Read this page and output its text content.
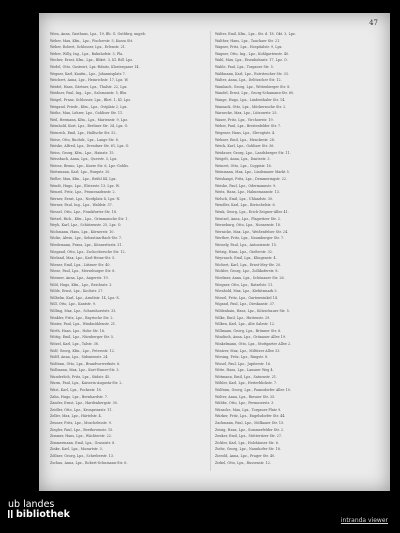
47

Wien, Anna, Gasthaus, Lpz., 19, Bb. G. Guthbrg. ungeb.

Weber, Max, Kfm., Lpz., Fischerstr. 5, Kurza Stt.

Weber, Robert, Schlosser, Lpz., Erlenstr. 21.

Weber, Willy, Ing., Lpz., Bahnhofstr. 3, Pla.

Wecker, Ernst, Kfm., Lpz., Bbkrt. 3, Kl. Rdl. Lpz.

Wedel, Otto, Gastwirt, Lpz.-Rdnitz, Klostergasse 14.

Wegner, Karl, Kaufm., Lpz., Johannisplatz 7.

Weichert, Anna, Lpz., Heinrichstr. 17, Lpz. W.

Weidel, Hans, Gärtner, Lpz., Thalstr. 22, Lpz.

Weidner, Paul, Ing., Lpz., Salomonstr. 5, Bbs.

Weigel, Franz, Schlosser, Lpz., Bbrt. 1, Kl. Lpz.

Weigand, Friedr., Kfm., Lpz., Ostplatz 2, Lpz.

Weihe, Max, Lehrer, Lpz., Gohliser Str. 11.

Weil, Hermann, Kfm., Lpz., Marienstr. 9, Lpz.

Weinhold, Kurt, Lpz., Berliner Str. 34, Lpz. O.

Weinrich, Emil, Lpz., Hallische Str. 52.

Weise, Otto, Buchdr., Lpz., Lange Str. 8.

Weiske, Alfred, Lpz., Dresdner Str. 61, Lpz. O.

Weiss, Georg, Kfm., Lpz., Hainstr. 15.

Weissbach, Anna, Lpz., Querstr. 3, Lpz.

Weisse, Bruno, Lpz., Kurze Str. 6, Lpz.-Gohlis.

Weitzmann, Karl, Lpz., Burgstr. 20.

Weller, Max, Kfm., Lpz., Brühl 44, Lpz.

Wendt, Hugo, Lpz., Elsterstr. 13, Lpz. W.

Wenzel, Fritz, Lpz., Promenadenstr. 2.

Werner, Ernst, Lpz., Nordplatz 4, Lpz.-N.

Werner, Paul, Ing., Lpz., Waldstr. 37.

Wessel, Otto, Lpz., Frankfurter Str. 18.

Wetzel, Rich., Kfm., Lpz., Grimmaische Str. 1.

Weyh, Karl, Lpz., Schützenstr. 25, Lpz. O.

Wichmann, Hans, Lpz., Körnerstr. 10.

Wicke, Alwin, Lpz., Sebastian-Bach-Str. 7.

Wiedemann, Franz, Lpz., Könneritzstr. 31.

Wiegand, Otto, Lpz., Zschochersche Str. 12.

Wieland, Max, Lpz., Karl-Heine-Str. 5.

Wiener, Emil, Lpz., Lützner Str. 40.

Wiese, Paul, Lpz., Merseburger Str. 8.

Wiesner, Anna, Lpz., Angerstr. 19.

Wild, Hugo, Kfm., Lpz., Reichsstr. 3.

Wilde, Ernst, Lpz., Kochstr. 27.

Wilhelm, Karl, Lpz., Arndtstr. 14, Lpz.-S.

Will, Otto, Lpz., Kantstr. 9.

Willing, Max, Lpz., Scharnhorststr. 33.

Winkler, Fritz, Lpz., Bayrische Str. 2.

Winter, Paul, Lpz., Windmühlenstr. 21.

Wirth, Hans, Lpz., Hohe Str. 16.

Wittig, Emil, Lpz., Nürnberger Str. 5.

Witzel, Karl, Lpz., Talstr. 38.

Wolf, Georg, Kfm., Lpz., Petersstr. 12.

Wolff, Anna, Lpz., Sidonienstr. 24.

Wolfram, Otto, Lpz., Brandvorwerkstr. 6.

Wollmann, Max, Lpz., Kurt-Eisner-Str. 3.

Wunderlich, Fritz, Lpz., Südstr. 45.

Wurm, Paul, Lpz., Kaiserin-Augusta-Str. 2.

Wüst, Karl, Lpz., Fockestr. 18.

Zahn, Hugo, Lpz., Bernhardstr. 7.

Zander, Ernst, Lpz., Hardenbergstr. 30.

Zeidler, Otto, Lpz., Kronprinzstr. 11.

Zeller, Max, Lpz., Härtelstr. 4.

Zeuner, Fritz, Lpz., Moschelesstr. 9.

Ziegler, Paul, Lpz., Beethovenstr. 15.

Zimmer, Hans, Lpz., Wächterstr. 22.

Zimmermann, Emil, Lpz., Grassistr. 8.

Zinke, Karl, Lpz., Mozartstr. 3.

Zöllner, Georg, Lpz., Schreberstr. 13.

Zschau, Anna, Lpz., Robert-Schumann-Str. 6.

Walter, Emil, Kfm., Lpz., Str. d. 18. Okt. 3, Lpz.

Walther, Hans, Lpz., Tauchaer Str. 21.

Wagner, Fritz, Lpz., Hospitalstr. 9, Lpz.

Wagner, Otto, Ing., Lpz., Kohlgartenstr. 40.

Wahl, Max, Lpz., Eisenbahnstr. 17, Lpz. O.

Wahle, Paul, Lpz., Torgauer Str. 5.

Waldmann, Karl, Lpz., Eutritzscher Str. 33.

Walter, Anna, Lpz., Delitzscher Str. 12.

Wambach, Georg, Lpz., Wittenberger Str. 8.

Wandel, Ernst, Lpz., Georg-Schumann-Str. 60.

Wange, Hugo, Lpz., Lindenthaler Str. 14.

Wannack, Otto, Lpz., Möckernsche Str. 2.

Warnecke, Max, Lpz., Lützowstr. 25.

Wauer, Fritz, Lpz., Virchowstr. 19.

Weber, Paul, Lpz., Breitenfelder Str. 7.

Wegener, Hans, Lpz., Slevogtstr. 4.

Wehner, Emil, Lpz., Menckestr. 28.

Weick, Karl, Lpz., Gohliser Str. 36.

Weidauer, Georg, Lpz., Landsberger Str. 11.

Weigelt, Anna, Lpz., Dantestr. 3.

Weinert, Otto, Lpz., Coppistr. 16.

Weinmann, Max, Lpz., Lindenauer Markt 5.

Weishaupt, Fritz, Lpz., Demmeringstr. 22.

Weiske, Paul, Lpz., Odermannstr. 9.

Weitz, Hans, Lpz., Hahnemannstr. 13.

Welsch, Emil, Lpz., Uhlandstr. 30.

Wendler, Karl, Lpz., Rietschelstr. 6.

Wenk, Georg, Lpz., Erich-Zeigner-Allee 41.

Wentzel, Anna, Lpz., Plagwitzer Str. 2.

Werneburg, Otto, Lpz., Nonnenstr. 18.

Wernicke, Max, Lpz., Weißenfelser Str. 24.

Werther, Fritz, Lpz., Naumburger Str. 7.

Wessely, Paul, Lpz., Antonienstr. 15.

Wetzig, Hans, Lpz., Gießerstr. 32.

Weyrauch, Emil, Lpz., Klingenstr. 4.

Wichert, Karl, Lpz., Ernst-Mey-Str. 20.

Wickler, Georg, Lpz., Zollikoferstr. 8.

Wiedmer, Anna, Lpz., Schönauer Str. 26.

Wiegner, Otto, Lpz., Ratzelstr. 11.

Wienhold, Max, Lpz., Kiebitzmark 3.

Wiesel, Fritz, Lpz., Gartenwinkel 14.

Wigand, Paul, Lpz., Dieskaustr. 37.

Wildenhain, Hans, Lpz., Kötzschauer Str. 5.

Wilke, Emil, Lpz., Huttenstr. 29.

Wilken, Karl, Lpz., Alte Salzstr. 12.

Willmann, Georg, Lpz., Brünner Str. 6.

Windisch, Anna, Lpz., Grünauer Allee 19.

Winkelmann, Otto, Lpz., Stuttgarter Allee 2.

Wintzer, Max, Lpz., Miltitzer Allee 33.

Wirsing, Fritz, Lpz., Ringstr. 8.

Wissel, Paul, Lpz., Jupiterstr. 16.

Witte, Hans, Lpz., Lausner Weg 4.

Wittmann, Emil, Lpz., Saturnstr. 21.

Wöhler, Karl, Lpz., Heiterblickstr. 7.

Wolfram, Georg, Lpz., Paunsdorfer Allee 10.

Wolter, Anna, Lpz., Riesaer Str. 35.

Wübbe, Otto, Lpz., Permoserstr. 3.

Wünsche, Max, Lpz., Torgauer Platz 9.

Würker, Fritz, Lpz., Engelsdorfer Str. 44.

Zachmann, Paul, Lpz., Mölkauer Str. 15.

Zeisig, Hans, Lpz., Sommerfelder Str. 2.

Zenker, Emil, Lpz., Stötteritzer Str. 27.

Zickler, Karl, Lpz., Holzhäuser Str. 6.

Ziehe, Georg, Lpz., Naunhofer Str. 18.

Zierold, Anna, Lpz., Prager Str. 40.

Zirkel, Otto, Lpz., Russenstr. 12.

ub landes
bibliothek
intranda viewer
